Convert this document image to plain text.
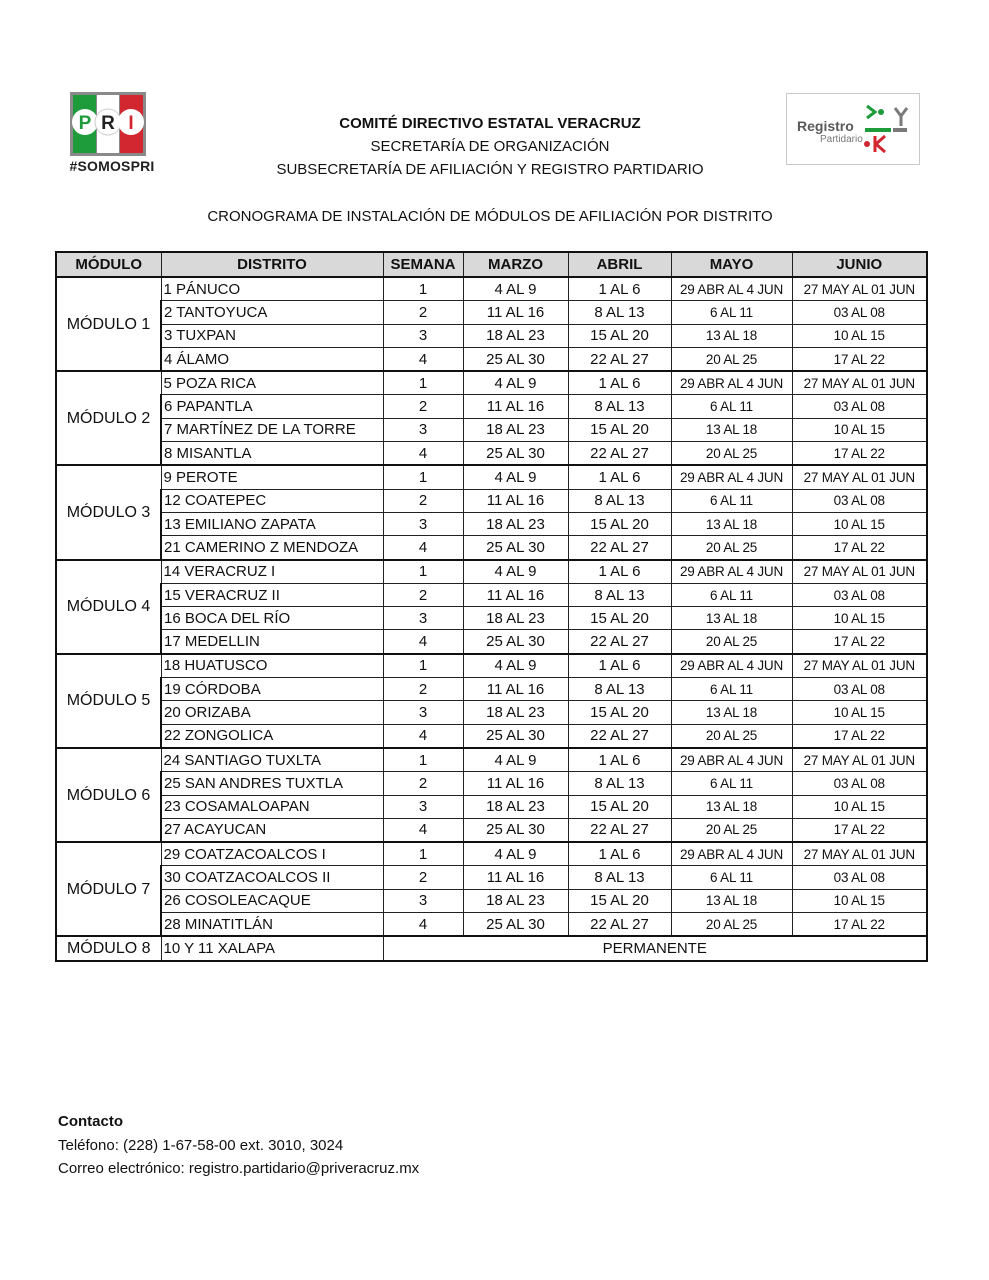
P R I
#SOMOSPRI
Registro
Partidario
COMITÉ DIRECTIVO ESTATAL VERACRUZ
SECRETARÍA DE ORGANIZACIÓN
SUBSECRETARÍA DE AFILIACIÓN Y REGISTRO PARTIDARIO
CRONOGRAMA DE INSTALACIÓN DE MÓDULOS DE AFILIACIÓN POR DISTRITO
MÓDULO	DISTRITO	SEMANA	MARZO	ABRIL	MAYO	JUNIO
MÓDULO 1	1 PÁNUCO	1	4 AL 9	1 AL 6	29 ABR AL 4 JUN	27 MAY AL 01 JUN
	2 TANTOYUCA	2	11 AL 16	8 AL 13	6 AL 11	03 AL 08
	3 TUXPAN	3	18 AL 23	15 AL 20	13 AL 18	10 AL 15
	4 ÁLAMO	4	25 AL 30	22 AL 27	20 AL 25	17 AL 22
MÓDULO 2	5 POZA RICA	1	4 AL 9	1 AL 6	29 ABR AL 4 JUN	27 MAY AL 01 JUN
	6 PAPANTLA	2	11 AL 16	8 AL 13	6 AL 11	03 AL 08
	7 MARTÍNEZ DE LA TORRE	3	18 AL 23	15 AL 20	13 AL 18	10 AL 15
	8 MISANTLA	4	25 AL 30	22 AL 27	20 AL 25	17 AL 22
MÓDULO 3	9 PEROTE	1	4 AL 9	1 AL 6	29 ABR AL 4 JUN	27 MAY AL 01 JUN
	12 COATEPEC	2	11 AL 16	8 AL 13	6 AL 11	03 AL 08
	13 EMILIANO ZAPATA	3	18 AL 23	15 AL 20	13 AL 18	10 AL 15
	21 CAMERINO Z MENDOZA	4	25 AL 30	22 AL 27	20 AL 25	17 AL 22
MÓDULO 4	14 VERACRUZ I	1	4 AL 9	1 AL 6	29 ABR AL 4 JUN	27 MAY AL 01 JUN
	15 VERACRUZ II	2	11 AL 16	8 AL 13	6 AL 11	03 AL 08
	16 BOCA DEL RÍO	3	18 AL 23	15 AL 20	13 AL 18	10 AL 15
	17 MEDELLIN	4	25 AL 30	22 AL 27	20 AL 25	17 AL 22
MÓDULO 5	18 HUATUSCO	1	4 AL 9	1 AL 6	29 ABR AL 4 JUN	27 MAY AL 01 JUN
	19 CÓRDOBA	2	11 AL 16	8 AL 13	6 AL 11	03 AL 08
	20 ORIZABA	3	18 AL 23	15 AL 20	13 AL 18	10 AL 15
	22 ZONGOLICA	4	25 AL 30	22 AL 27	20 AL 25	17 AL 22
MÓDULO 6	24 SANTIAGO TUXLTA	1	4 AL 9	1 AL 6	29 ABR AL 4 JUN	27 MAY AL 01 JUN
	25 SAN ANDRES TUXTLA	2	11 AL 16	8 AL 13	6 AL 11	03 AL 08
	23 COSAMALOAPAN	3	18 AL 23	15 AL 20	13 AL 18	10 AL 15
	27 ACAYUCAN	4	25 AL 30	22 AL 27	20 AL 25	17 AL 22
MÓDULO 7	29 COATZACOALCOS I	1	4 AL 9	1 AL 6	29 ABR AL 4 JUN	27 MAY AL 01 JUN
	30 COATZACOALCOS II	2	11 AL 16	8 AL 13	6 AL 11	03 AL 08
	26 COSOLEACAQUE	3	18 AL 23	15 AL 20	13 AL 18	10 AL 15
	28 MINATITLÁN	4	25 AL 30	22 AL 27	20 AL 25	17 AL 22
MÓDULO 8	10 Y 11 XALAPA	PERMANENTE				
Contacto
Teléfono: (228) 1-67-58-00 ext. 3010, 3024
Correo electrónico: registro.partidario@priveracruz.mx
